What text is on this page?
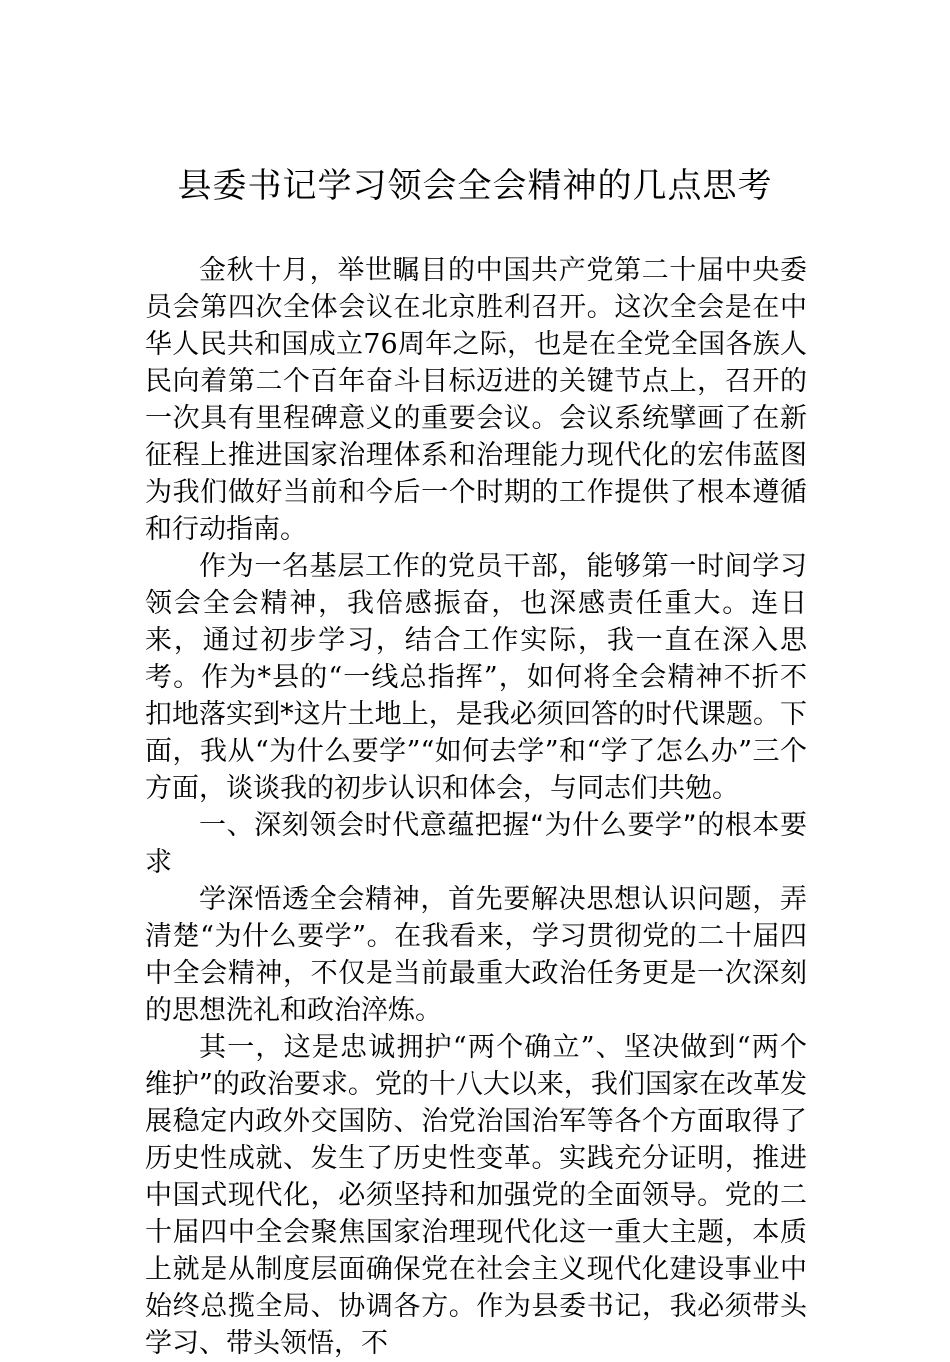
县委书记学习领会全会精神的几点思考

金秋十月，举世瞩目的中国共产党第二十届中央委员会第四次全体会议在北京胜利召开。这次全会是在中华人民共和国成立76周年之际，也是在全党全国各族人民向着第二个百年奋斗目标迈进的关键节点上，召开的一次具有里程碑意义的重要会议。会议系统擘画了在新征程上推进国家治理体系和治理能力现代化的宏伟蓝图为我们做好当前和今后一个时期的工作提供了根本遵循和行动指南。

作为一名基层工作的党员干部，能够第一时间学习领会全会精神，我倍感振奋，也深感责任重大。连日来，通过初步学习，结合工作实际，我一直在深入思考。作为*县的“一线总指挥”，如何将全会精神不折不扣地落实到*这片土地上，是我必须回答的时代课题。下面，我从“为什么要学”“如何去学”和“学了怎么办”三个方面，谈谈我的初步认识和体会，与同志们共勉。

一、深刻领会时代意蕴把握“为什么要学”的根本要求

学深悟透全会精神，首先要解决思想认识问题，弄清楚“为什么要学”。在我看来，学习贯彻党的二十届四中全会精神，不仅是当前最重大政治任务更是一次深刻的思想洗礼和政治淬炼。

其一，这是忠诚拥护“两个确立”、坚决做到“两个维护”的政治要求。党的十八大以来，我们国家在改革发展稳定内政外交国防、治党治国治军等各个方面取得了历史性成就、发生了历史性变革。实践充分证明，推进中国式现代化，必须坚持和加强党的全面领导。党的二十届四中全会聚焦国家治理现代化这一重大主题，本质上就是从制度层面确保党在社会主义现代化建设事业中始终总揽全局、协调各方。作为县委书记，我必须带头学习、带头领悟，不
